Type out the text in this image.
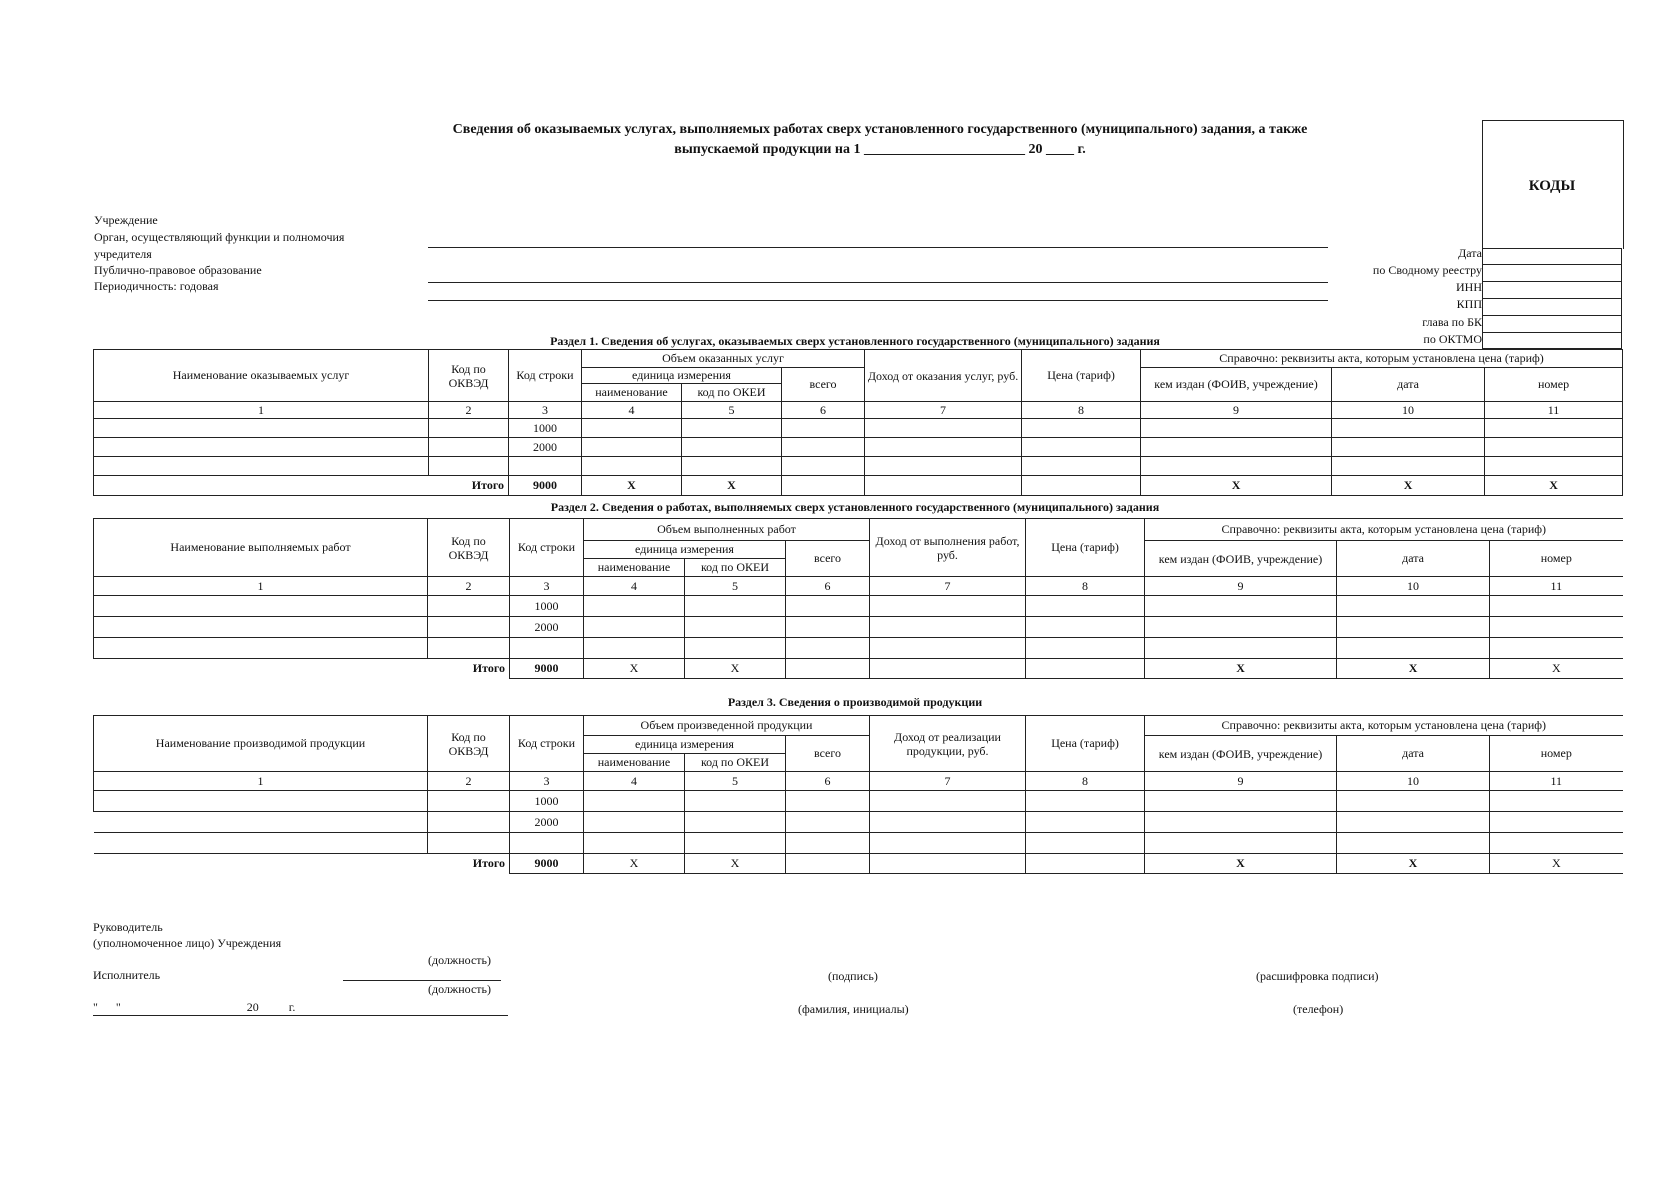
Сведения об оказываемых услугах, выполняемых работах сверх установленного государственного (муниципального) задания, а также
выпускаемой продукции на 1 _______________________ 20 ____ г.
КОДЫ
Дата
по Сводному реестру
ИНН
КПП
глава по БК
по ОКТМО
Учреждение
Орган, осуществляющий функции и полномочия
учредителя
Публично-правовое образование
Периодичность: годовая
Раздел 1. Сведения об услугах, оказываемых сверх установленного государственного (муниципального) задания
Наименование оказываемых услуг	Код по ОКВЭД	Код строки	Объем оказанных услуг			Доход от оказания услуг, руб.	Цена (тариф)	Справочно: реквизиты акта, которым установлена цена (тариф)		
			единица измерения		всего			кем издан (ФОИВ, учреждение)	дата	номер
			наименование	код по ОКЕИ						
1	2	3	4	5	6	7	8	9	10	11
		1000								
		2000								

Итого		9000	X	X				X	X	X
Раздел 2. Сведения о работах, выполняемых сверх установленного государственного (муниципального) задания
Наименование выполняемых работ	Код по ОКВЭД	Код строки	Объем выполненных работ			Доход от выполнения работ, руб.	Цена (тариф)	Справочно: реквизиты акта, которым установлена цена (тариф)		
			единица измерения		всего			кем издан (ФОИВ, учреждение)	дата	номер
			наименование	код по ОКЕИ						
1	2	3	4	5	6	7	8	9	10	11
		1000								
		2000								

Итого		9000	X	X				X	X	X
Раздел 3. Сведения о производимой продукции
Наименование производимой продукции	Код по ОКВЭД	Код строки	Объем произведенной продукции			Доход от реализации продукции, руб.	Цена (тариф)	Справочно: реквизиты акта, которым установлена цена (тариф)		
			единица измерения		всего			кем издан (ФОИВ, учреждение)	дата	номер
			наименование	код по ОКЕИ						
1	2	3	4	5	6	7	8	9	10	11
		1000								
		2000								

Итого		9000	X	X				X	X	X
Руководитель
(уполномоченное лицо) Учреждения
(должность)
Исполнитель
(должность)
(подпись)	(расшифровка подписи)
"      "                                          20          г.	(фамилия, инициалы)	(телефон)
